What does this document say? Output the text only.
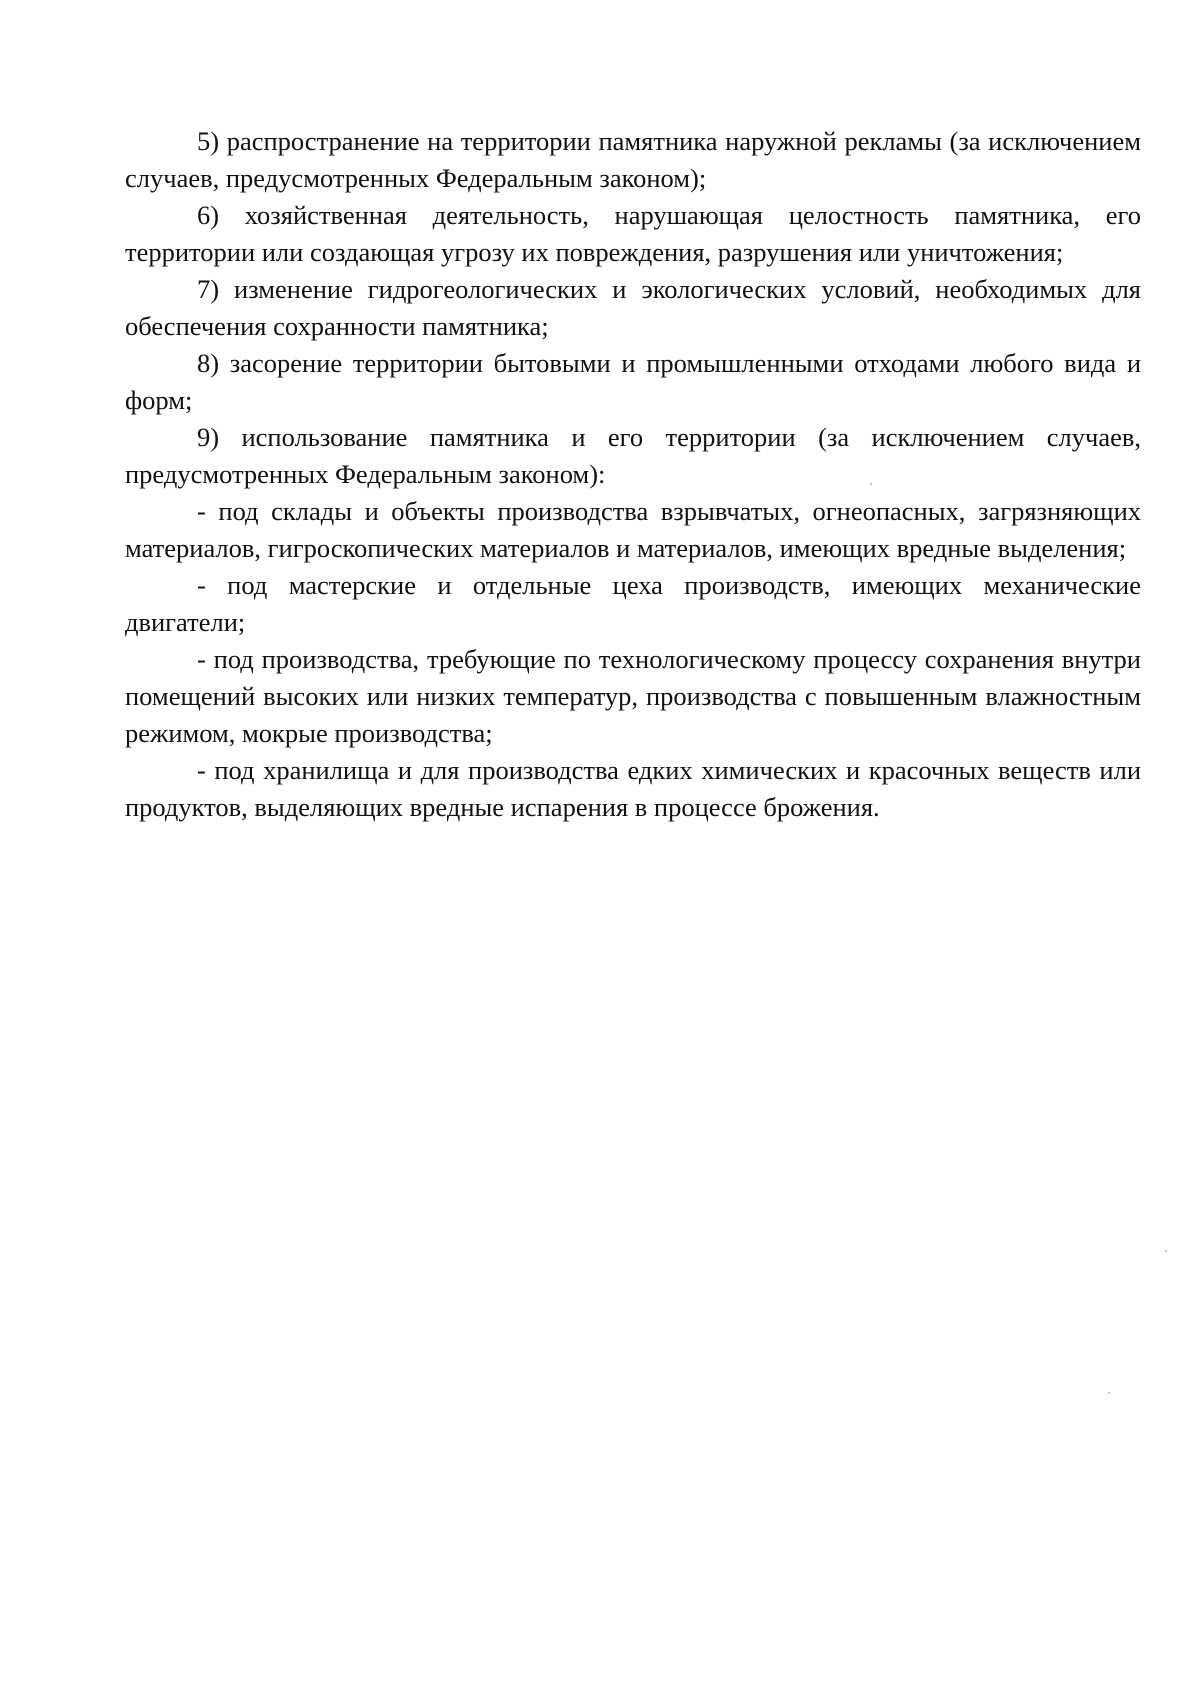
5) распространение на территории памятника наружной рекламы (за исключением случаев, предусмотренных Федеральным законом);

6) хозяйственная деятельность, нарушающая целостность памятника, его территории или создающая угрозу их повреждения, разрушения или уничтожения;

7) изменение гидрогеологических и экологических условий, необходимых для обеспечения сохранности памятника;

8) засорение территории бытовыми и промышленными отходами любого вида и форм;

9) использование памятника и его территории (за исключением случаев, предусмотренных Федеральным законом):

- под склады и объекты производства взрывчатых, огнеопасных, загрязняющих материалов, гигроскопических материалов и материалов, имеющих вредные выделения;

- под мастерские и отдельные цеха производств, имеющих механические двигатели;

- под производства, требующие по технологическому процессу сохранения внутри помещений высоких или низких температур, производства с повышенным влажностным режимом, мокрые производства;

- под хранилища и для производства едких химических и красочных веществ или продуктов, выделяющих вредные испарения в процессе брожения.
